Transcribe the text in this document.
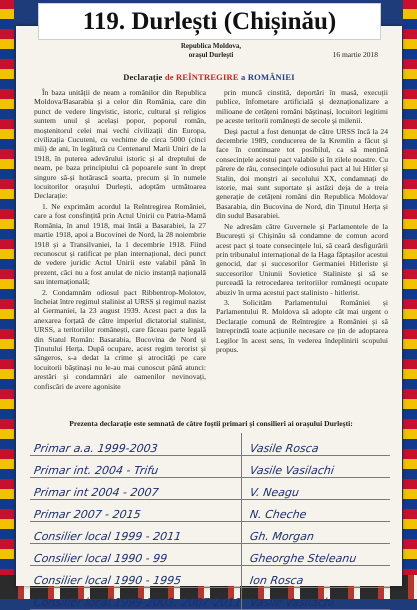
119. Durlești (Chișinău)
Republica Moldova,
orașul Durlești	16 martie 2018
Declarație de REÎNTREGIRE a ROMÂNIEI

În baza unității de neam a românilor din Republica Moldova/Basarabia și a celor din România, care din punct de vedere lingvistic, istoric, cultural și religios suntem unul și același popor, poporul român, moștenitorul celei mai vechi civilizații din Europa, civilizația Cucuteni, cu vechime de circa 5000 (cinci mii) de ani, în legătură cu Centenarul Marii Uniri de la 1918, în puterea adevărului istoric și al dreptului de neam, pe baza principiului că popoarele sunt în drept singure să-și hotărască soarta, precum și în numele locuitorilor orașului Durlești, adoptăm următoarea Declarație:

1. Ne exprimăm acordul la Reîntregirea României, care a fost consfințită prin Actul Unirii cu Patria-Mamă România, în anul 1918, mai întâi a Basarabiei, la 27 martie 1918, apoi a Bucovinei de Nord, la 28 noiembrie 1918 și a Transilvaniei, la 1 decembrie 1918. Fiind recunoscut și ratificat pe plan internațional, deci punct de vedere juridic Actul Unirii este valabil până în prezent, căci nu a fost anulat de nicio instanță națională sau internațională;

2. Condamnăm odiosul pact Ribbentrop-Molotov, încheiat între regimul stalinist al URSS și regimul nazist al Germaniei, la 23 august 1939. Acest pact a dus la anexarea forțată de către imperiul dictatorial stalinist, URSS, a teritoriilor românești, care făceau parte legală din Statul Român: Basarabia, Bucovina de Nord și Ținutului Herța. După ocupare, acest regim terorist și sângeros, s-a dedat la crime și atrocități pe care locuitorii băștinași nu le-au mai cunoscut până atunci: arestări și condamnări ale oamenilor nevinovați, confiscări de avere agonisite

prin muncă cinstită, deportări în masă, execuții publice, înfometare artificială și deznaționalizare a milioane de cetățeni români băștinași, locuitori legitimi pe aceste teritorii românești de secole și milenii.

Deși pactul a fost denunțat de către URSS încă la 24 decembrie 1989, conducerea de la Kremlin a făcut și face în continuare tot posibilul, ca să mențină consecințele acestui pact valabile și în zilele noastre. Cu părere de rău, consecințele odiosului pact al lui Hitler și Stalin, doi monștri ai secolului XX, condamnați de istorie, mai sunt suportate și astăzi deja de a treia generație de cetățeni români din Republica Moldova/ Basarabia, din Bucovina de Nord, din Ținutul Herța și din sudul Basarabiei.

Ne adresăm către Guvernele și Parlamentele de la București și Chișinău să condamne de comun acord acest pact și toate consecințele lui, să ceară desfigurării prin tribunalul internațional de la Haga făptașilor acestui genocid, dar și succesorilor Germaniei Hitleriste și succesorilor Uniunii Sovietice Staliniste și să se purceadă la retrocedarea teritoriilor românești ocupate abuziv în urma acestui pact stalinisto - hitlerist.

3. Solicităm Parlamentului României și Parlamentului R. Moldova să adopte cât mai urgent o Declarație comună de Reîntregire a României și să întreprindă toate acțiunile necesare ce țin de adoptarea Legilor în acest sens, în vederea îndeplinirii scopului propus.

Prezenta declarație este semnată de către foștii primari și consilieri ai orașului Durlești:
Primar a.a. 1999-2003	Vasile Rosca
Primar int. 2004 - Trifu	Vasile Vasilachi
Primar int 2004 - 2007	V. Neagu
Primar 2007 - 2015	N. Cheche
Consilier local 1999 - 2011	Gh. Morgan
Consilier local 1990 - 99	Gheorghe Steleanu
Consilier local 1990 - 1995	Ion Rosca
Consilier local 1999-2003; 2007-2011	Vasile Vasilachi
